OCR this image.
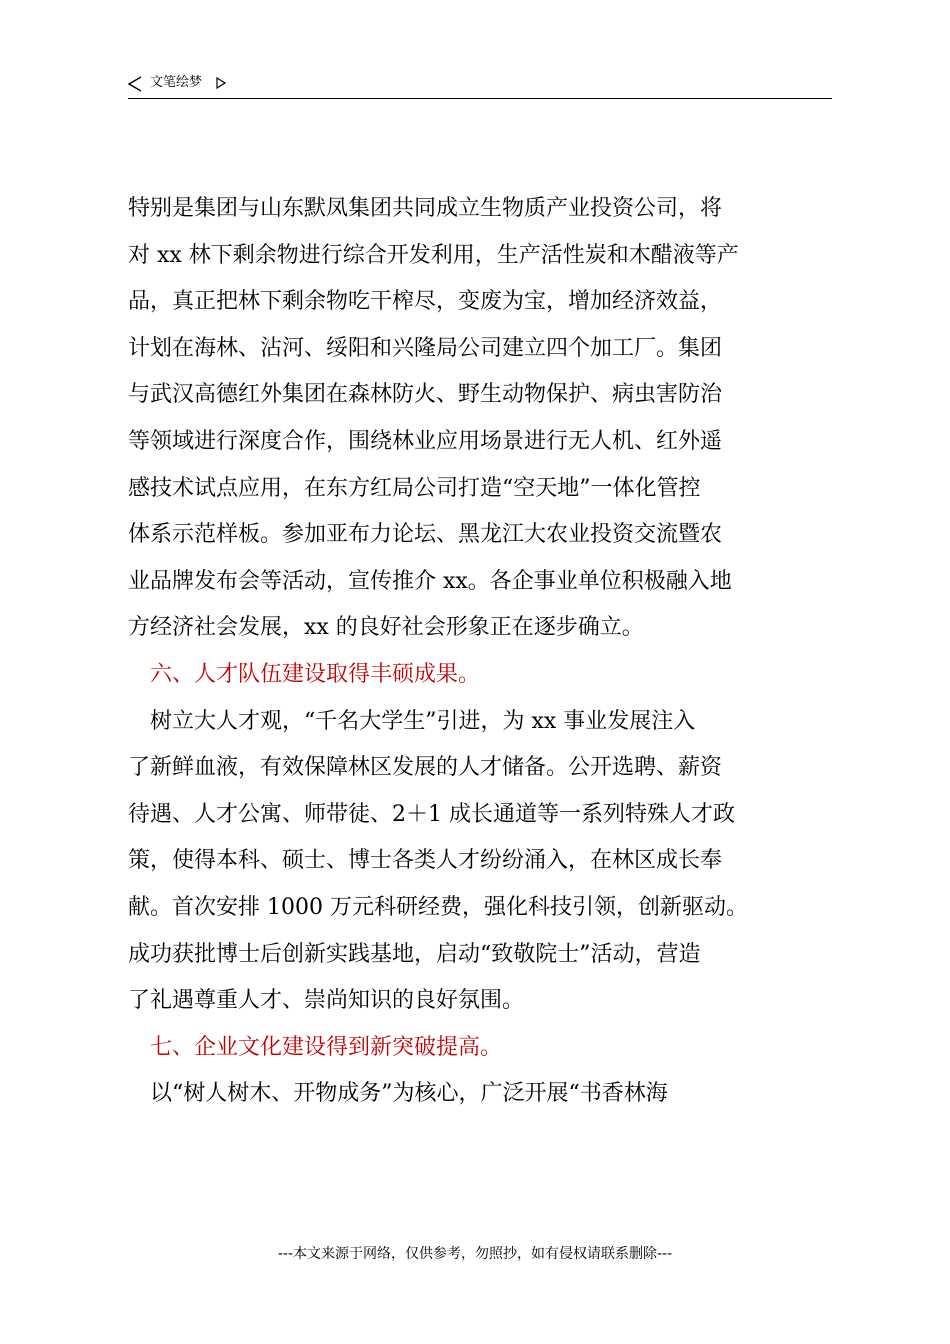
文笔绘梦
特别是集团与山东默凤集团共同成立生物质产业投资公司，将
对 xx 林下剩余物进行综合开发利用，生产活性炭和木醋液等产
品，真正把林下剩余物吃干榨尽，变废为宝，增加经济效益，
计划在海林、沾河、绥阳和兴隆局公司建立四个加工厂。集团
与武汉高德红外集团在森林防火、野生动物保护、病虫害防治
等领域进行深度合作，围绕林业应用场景进行无人机、红外遥
感技术试点应用，在东方红局公司打造“空天地”一体化管控
体系示范样板。参加亚布力论坛、黑龙江大农业投资交流暨农
业品牌发布会等活动，宣传推介 xx。各企事业单位积极融入地
方经济社会发展，xx 的良好社会形象正在逐步确立。
　六、人才队伍建设取得丰硕成果。
　树立大人才观，“千名大学生”引进，为 xx 事业发展注入
了新鲜血液，有效保障林区发展的人才储备。公开选聘、薪资
待遇、人才公寓、师带徒、2＋1 成长通道等一系列特殊人才政
策，使得本科、硕士、博士各类人才纷纷涌入，在林区成长奉
献。首次安排 1000 万元科研经费，强化科技引领，创新驱动。
成功获批博士后创新实践基地，启动“致敬院士”活动，营造
了礼遇尊重人才、崇尚知识的良好氛围。
　七、企业文化建设得到新突破提高。
　以“树人树木、开物成务”为核心，广泛开展“书香林海
---本文来源于网络，仅供参考，勿照抄，如有侵权请联系删除---
